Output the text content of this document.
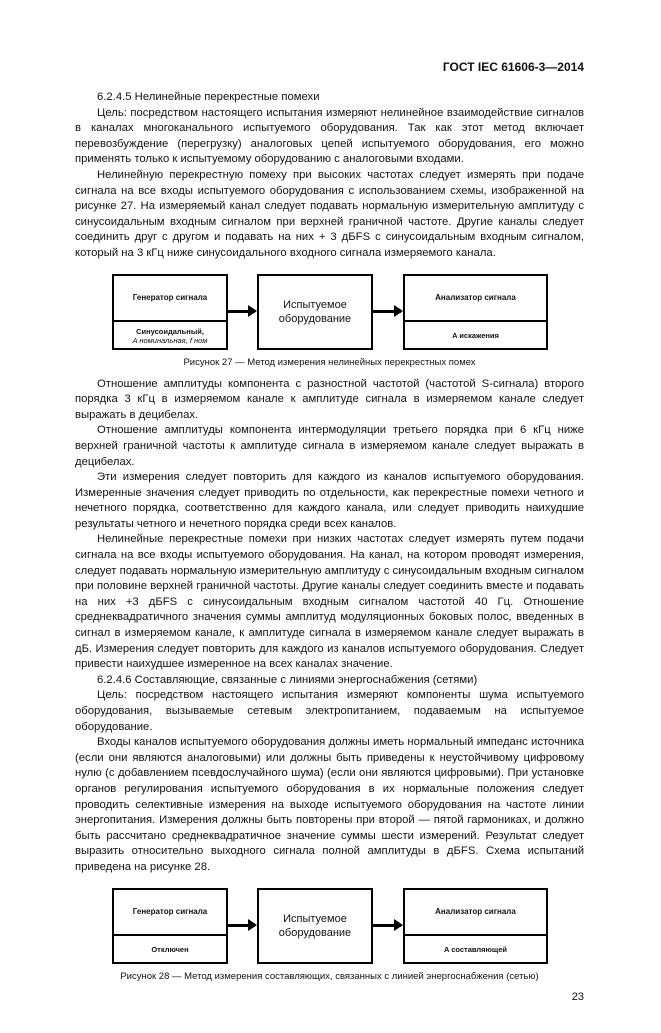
ГОСТ IEC 61606-3—2014

6.2.4.5 Нелинейные перекрестные помехи

Цель: посредством настоящего испытания измеряют нелинейное взаимодействие сигналов в каналах многоканального испытуемого оборудования. Так как этот метод включает перевозбуждение (перегрузку) аналоговых цепей испытуемого оборудования, его можно применять только к испытуемому оборудованию с аналоговыми входами.

Нелинейную перекрестную помеху при высоких частотах следует измерять при подаче сигнала на все входы испытуемого оборудования с использованием схемы, изображенной на рисунке 27. На измеряемый канал следует подавать нормальную измерительную амплитуду с синусоидальным входным сигналом при верхней граничной частоте. Другие каналы следует соединить друг с другом и подавать на них + 3 дБFS с синусоидальным входным сигналом, который на 3 кГц ниже синусоидального входного сигнала измеряемого канала.

Генератор сигнала
Синусоидальный,
A номинальная, f ном
Испытуемое оборудование
Анализатор сигнала
A искажения
Рисунок 27 — Метод измерения нелинейных перекрестных помех

Отношение амплитуды компонента с разностной частотой (частотой S-сигнала) второго порядка 3 кГц в измеряемом канале к амплитуде сигнала в измеряемом канале следует выражать в децибелах.

Отношение амплитуды компонента интермодуляции третьего порядка при 6 кГц ниже верхней граничной частоты к амплитуде сигнала в измеряемом канале следует выражать в децибелах.

Эти измерения следует повторить для каждого из каналов испытуемого оборудования. Измеренные значения следует приводить по отдельности, как перекрестные помехи четного и нечетного порядка, соответственно для каждого канала, или следует приводить наихудшие результаты четного и нечетного порядка среди всех каналов.

Нелинейные перекрестные помехи при низких частотах следует измерять путем подачи сигнала на все входы испытуемого оборудования. На канал, на котором проводят измерения, следует подавать нормальную измерительную амплитуду с синусоидальным входным сигналом при половине верхней граничной частоты. Другие каналы следует соединить вместе и подавать на них +3 дБFS с синусоидальным входным сигналом частотой 40 Гц. Отношение среднеквадратичного значения суммы амплитуд модуляционных боковых полос, введенных в сигнал в измеряемом канале, к амплитуде сигнала в измеряемом канале следует выражать в дБ. Измерения следует повторить для каждого из каналов испытуемого оборудования. Следует привести наихудшее измеренное на всех каналах значение.

6.2.4.6 Составляющие, связанные с линиями энергоснабжения (сетями)

Цель: посредством настоящего испытания измеряют компоненты шума испытуемого оборудования, вызываемые сетевым электропитанием, подаваемым на испытуемое оборудование.

Входы каналов испытуемого оборудования должны иметь нормальный импеданс источника (если они являются аналоговыми) или должны быть приведены к неустойчивому цифровому нулю (с добавлением псевдослучайного шума) (если они являются цифровыми). При установке органов регулирования испытуемого оборудования в их нормальные положения следует проводить селективные измерения на выходе испытуемого оборудования на частоте линии энергопитания. Измерения должны быть повторены при второй — пятой гармониках, и должно быть рассчитано среднеквадратичное значение суммы шести измерений. Результат следует выразить относительно выходного сигнала полной амплитуды в дБFS. Схема испытаний приведена на рисунке 28.

Генератор сигнала
Отключен
Испытуемое оборудование
Анализатор сигнала
A составляющей
Рисунок 28 — Метод измерения составляющих, связанных с линией энергоснабжения (сетью)
23
